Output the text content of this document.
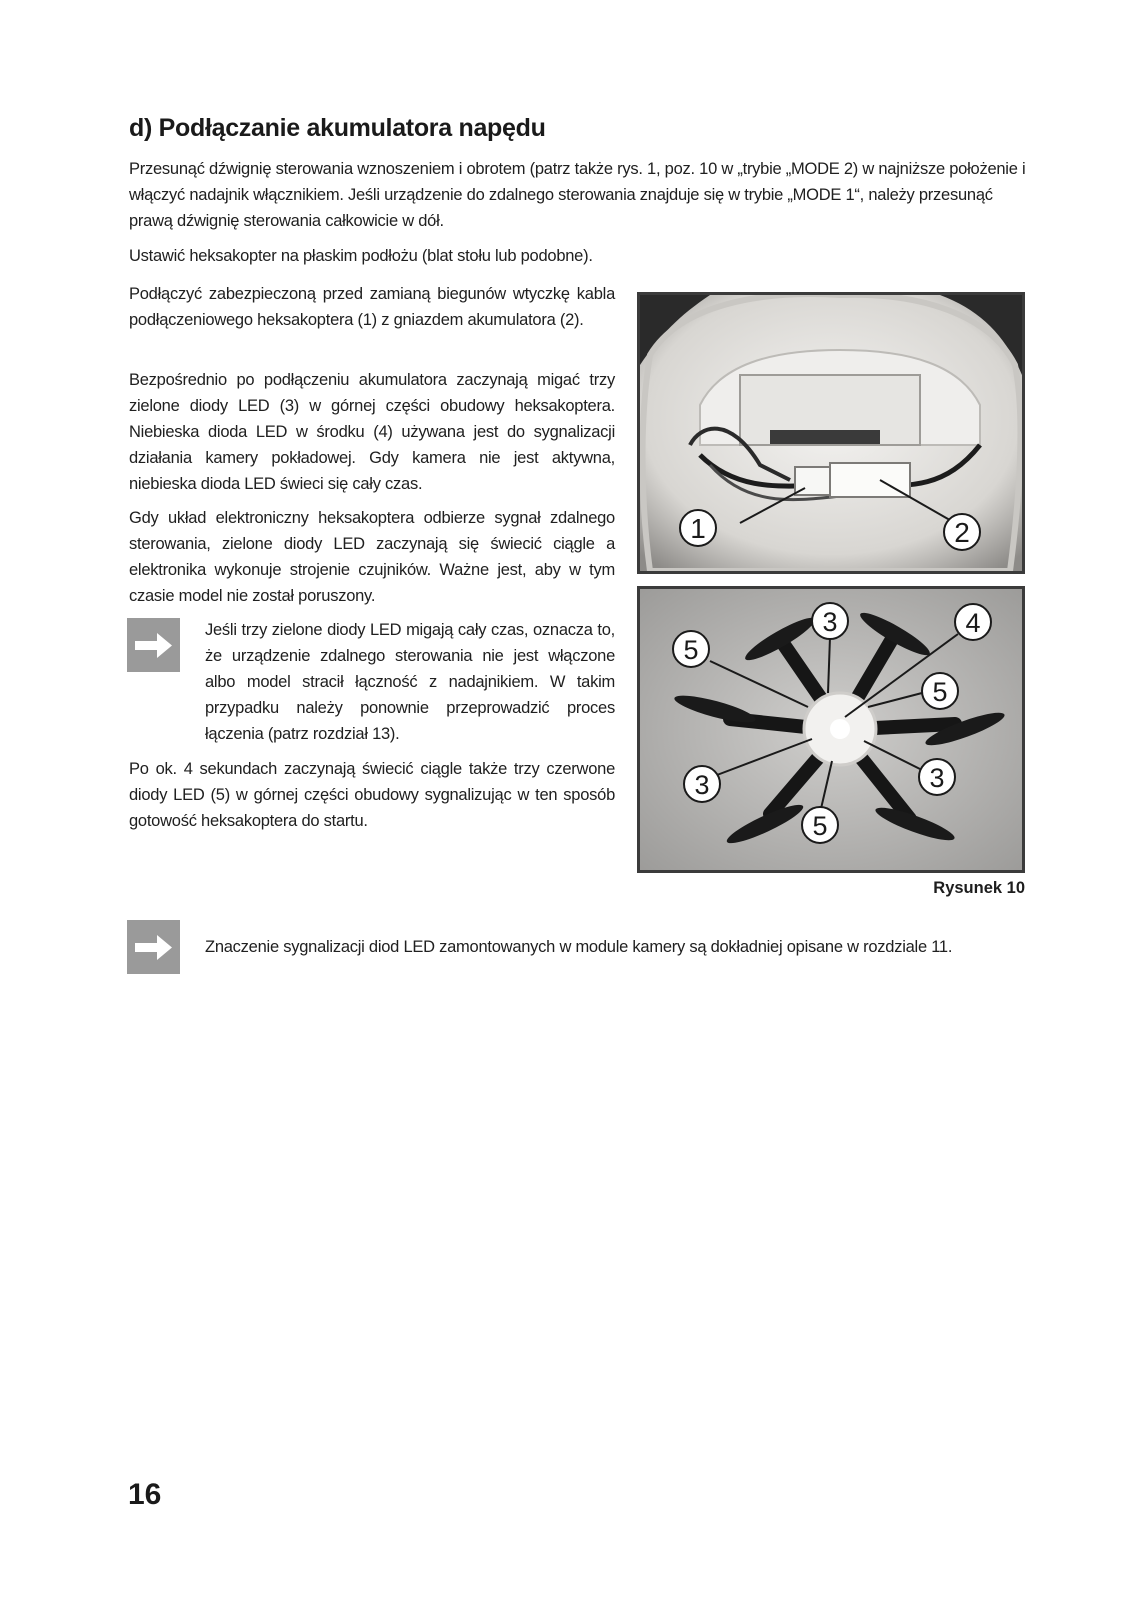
d) Podłączanie akumulatora napędu

Przesunąć dźwignię sterowania wznoszeniem i obrotem (patrz także rys. 1, poz. 10 w „trybie „MODE 2) w najniższe położenie i włączyć nadajnik włącznikiem. Jeśli urządzenie do zdalnego sterowania znajduje się w trybie „MODE 1“, należy przesunąć prawą dźwignię sterowania całkowicie w dół.

Ustawić heksakopter na płaskim podłożu (blat stołu lub podobne).

Podłączyć zabezpieczoną przed zamianą biegunów wtyczkę kabla podłączeniowego heksakoptera (1) z gniazdem akumulatora (2).

Bezpośrednio po podłączeniu akumulatora zaczynają migać trzy zielone diody LED (3) w górnej części obudowy heksakoptera. Niebieska dioda LED w środku (4) używana jest do sygnalizacji działania kamery pokładowej. Gdy kamera nie jest aktywna, niebieska dioda LED świeci się cały czas.

Gdy układ elektroniczny heksakoptera odbierze sygnał zdalnego sterowania, zielone diody LED zaczynają się świecić ciągle a elektronika wykonuje strojenie czujników. Ważne jest, aby w tym czasie model nie został poruszony.

Jeśli trzy zielone diody LED migają cały czas, oznacza to, że urządzenie zdalnego sterowania nie jest włączone albo model stracił łączność z nadajnikiem. W takim przypadku należy ponownie przeprowadzić proces łączenia (patrz rozdział 13).

Po ok. 4 sekundach zaczynają świecić ciągle także trzy czerwone diody LED (5) w górnej części obudowy sygnalizując w ten sposób gotowość heksakoptera do startu.

1	2
5
3	4
5
3	3
5

Rysunek 10

Znaczenie sygnalizacji diod LED zamontowanych w module kamery są dokładniej opisane w rozdziale 11.

16
